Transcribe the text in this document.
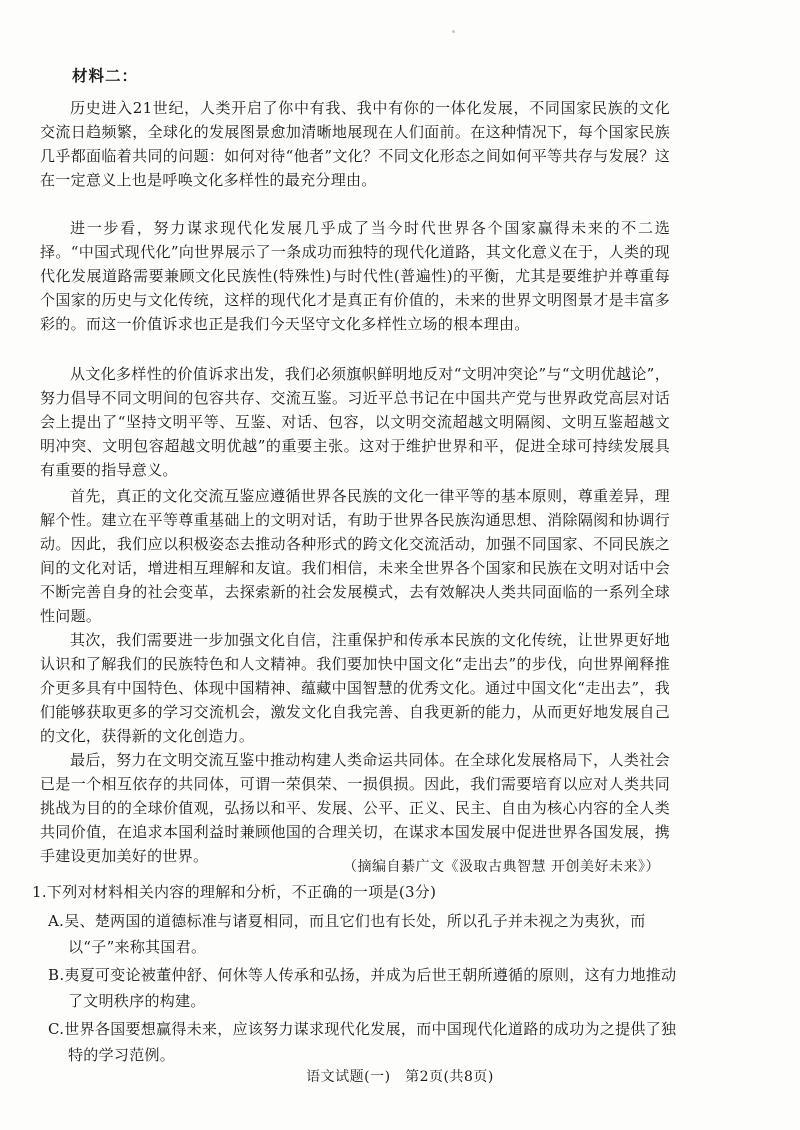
材料二：

历史进入21世纪，人类开启了你中有我、我中有你的一体化发展，不同国家民族的文化交流日趋频繁，全球化的发展图景愈加清晰地展现在人们面前。在这种情况下，每个国家民族几乎都面临着共同的问题：如何对待“他者”文化？不同文化形态之间如何平等共存与发展？这在一定意义上也是呼唤文化多样性的最充分理由。

进一步看，努力谋求现代化发展几乎成了当今时代世界各个国家赢得未来的不二选择。“中国式现代化”向世界展示了一条成功而独特的现代化道路，其文化意义在于，人类的现代化发展道路需要兼顾文化民族性(特殊性)与时代性(普遍性)的平衡，尤其是要维护并尊重每个国家的历史与文化传统，这样的现代化才是真正有价值的，未来的世界文明图景才是丰富多彩的。而这一价值诉求也正是我们今天坚守文化多样性立场的根本理由。

从文化多样性的价值诉求出发，我们必须旗帜鲜明地反对“文明冲突论”与“文明优越论”，努力倡导不同文明间的包容共存、交流互鉴。习近平总书记在中国共产党与世界政党高层对话会上提出了“坚持文明平等、互鉴、对话、包容，以文明交流超越文明隔阂、文明互鉴超越文明冲突、文明包容超越文明优越”的重要主张。这对于维护世界和平，促进全球可持续发展具有重要的指导意义。

首先，真正的文化交流互鉴应遵循世界各民族的文化一律平等的基本原则，尊重差异，理解个性。建立在平等尊重基础上的文明对话，有助于世界各民族沟通思想、消除隔阂和协调行动。因此，我们应以积极姿态去推动各种形式的跨文化交流活动，加强不同国家、不同民族之间的文化对话，增进相互理解和友谊。我们相信，未来全世界各个国家和民族在文明对话中会不断完善自身的社会变革，去探索新的社会发展模式，去有效解决人类共同面临的一系列全球性问题。

其次，我们需要进一步加强文化自信，注重保护和传承本民族的文化传统，让世界更好地认识和了解我们的民族特色和人文精神。我们要加快中国文化“走出去”的步伐，向世界阐释推介更多具有中国特色、体现中国精神、蕴藏中国智慧的优秀文化。通过中国文化“走出去”，我们能够获取更多的学习交流机会，激发文化自我完善、自我更新的能力，从而更好地发展自己的文化，获得新的文化创造力。

最后，努力在文明交流互鉴中推动构建人类命运共同体。在全球化发展格局下，人类社会已是一个相互依存的共同体，可谓一荣俱荣、一损俱损。因此，我们需要培育以应对人类共同挑战为目的的全球价值观，弘扬以和平、发展、公平、正义、民主、自由为核心内容的全人类共同价值，在追求本国利益时兼顾他国的合理关切，在谋求本国发展中促进世界各国发展，携手建设更加美好的世界。

（摘编自綦广文《汲取古典智慧 开创美好未来》）
1.下列对材料相关内容的理解和分析，不正确的一项是(3分)
A.吴、楚两国的道德标准与诸夏相同，而且它们也有长处，所以孔子并未视之为夷狄，而以“子”来称其国君。
B.夷夏可变论被董仲舒、何休等人传承和弘扬，并成为后世王朝所遵循的原则，这有力地推动了文明秩序的构建。
C.世界各国要想赢得未来，应该努力谋求现代化发展，而中国现代化道路的成功为之提供了独特的学习范例。
语文试题(一)　第2页(共8页)
